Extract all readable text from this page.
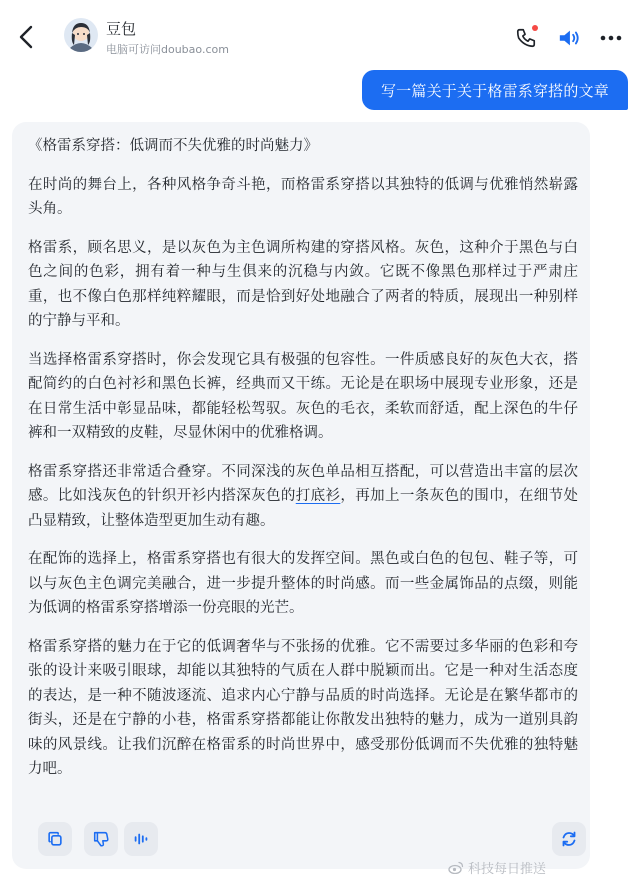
豆包
电脑可访问doubao.com
写一篇关于关于格雷系穿搭的文章

《格雷系穿搭：低调而不失优雅的时尚魅力》

在时尚的舞台上，各种风格争奇斗艳，而格雷系穿搭以其独特的低调与优雅悄然崭露头角。

格雷系，顾名思义，是以灰色为主色调所构建的穿搭风格。灰色，这种介于黑色与白色之间的色彩，拥有着一种与生俱来的沉稳与内敛。它既不像黑色那样过于严肃庄重，也不像白色那样纯粹耀眼，而是恰到好处地融合了两者的特质，展现出一种别样的宁静与平和。

当选择格雷系穿搭时，你会发现它具有极强的包容性。一件质感良好的灰色大衣，搭配简约的白色衬衫和黑色长裤，经典而又干练。无论是在职场中展现专业形象，还是在日常生活中彰显品味，都能轻松驾驭。灰色的毛衣，柔软而舒适，配上深色的牛仔裤和一双精致的皮鞋，尽显休闲中的优雅格调。

格雷系穿搭还非常适合叠穿。不同深浅的灰色单品相互搭配，可以营造出丰富的层次感。比如浅灰色的针织开衫内搭深灰色的打底衫，再加上一条灰色的围巾，在细节处凸显精致，让整体造型更加生动有趣。

在配饰的选择上，格雷系穿搭也有很大的发挥空间。黑色或白色的包包、鞋子等，可以与灰色主色调完美融合，进一步提升整体的时尚感。而一些金属饰品的点缀，则能为低调的格雷系穿搭增添一份亮眼的光芒。

格雷系穿搭的魅力在于它的低调奢华与不张扬的优雅。它不需要过多华丽的色彩和夸张的设计来吸引眼球，却能以其独特的气质在人群中脱颖而出。它是一种对生活态度的表达，是一种不随波逐流、追求内心宁静与品质的时尚选择。无论是在繁华都市的街头，还是在宁静的小巷，格雷系穿搭都能让你散发出独特的魅力，成为一道别具韵味的风景线。让我们沉醉在格雷系的时尚世界中，感受那份低调而不失优雅的独特魅力吧。

科技每日推送
